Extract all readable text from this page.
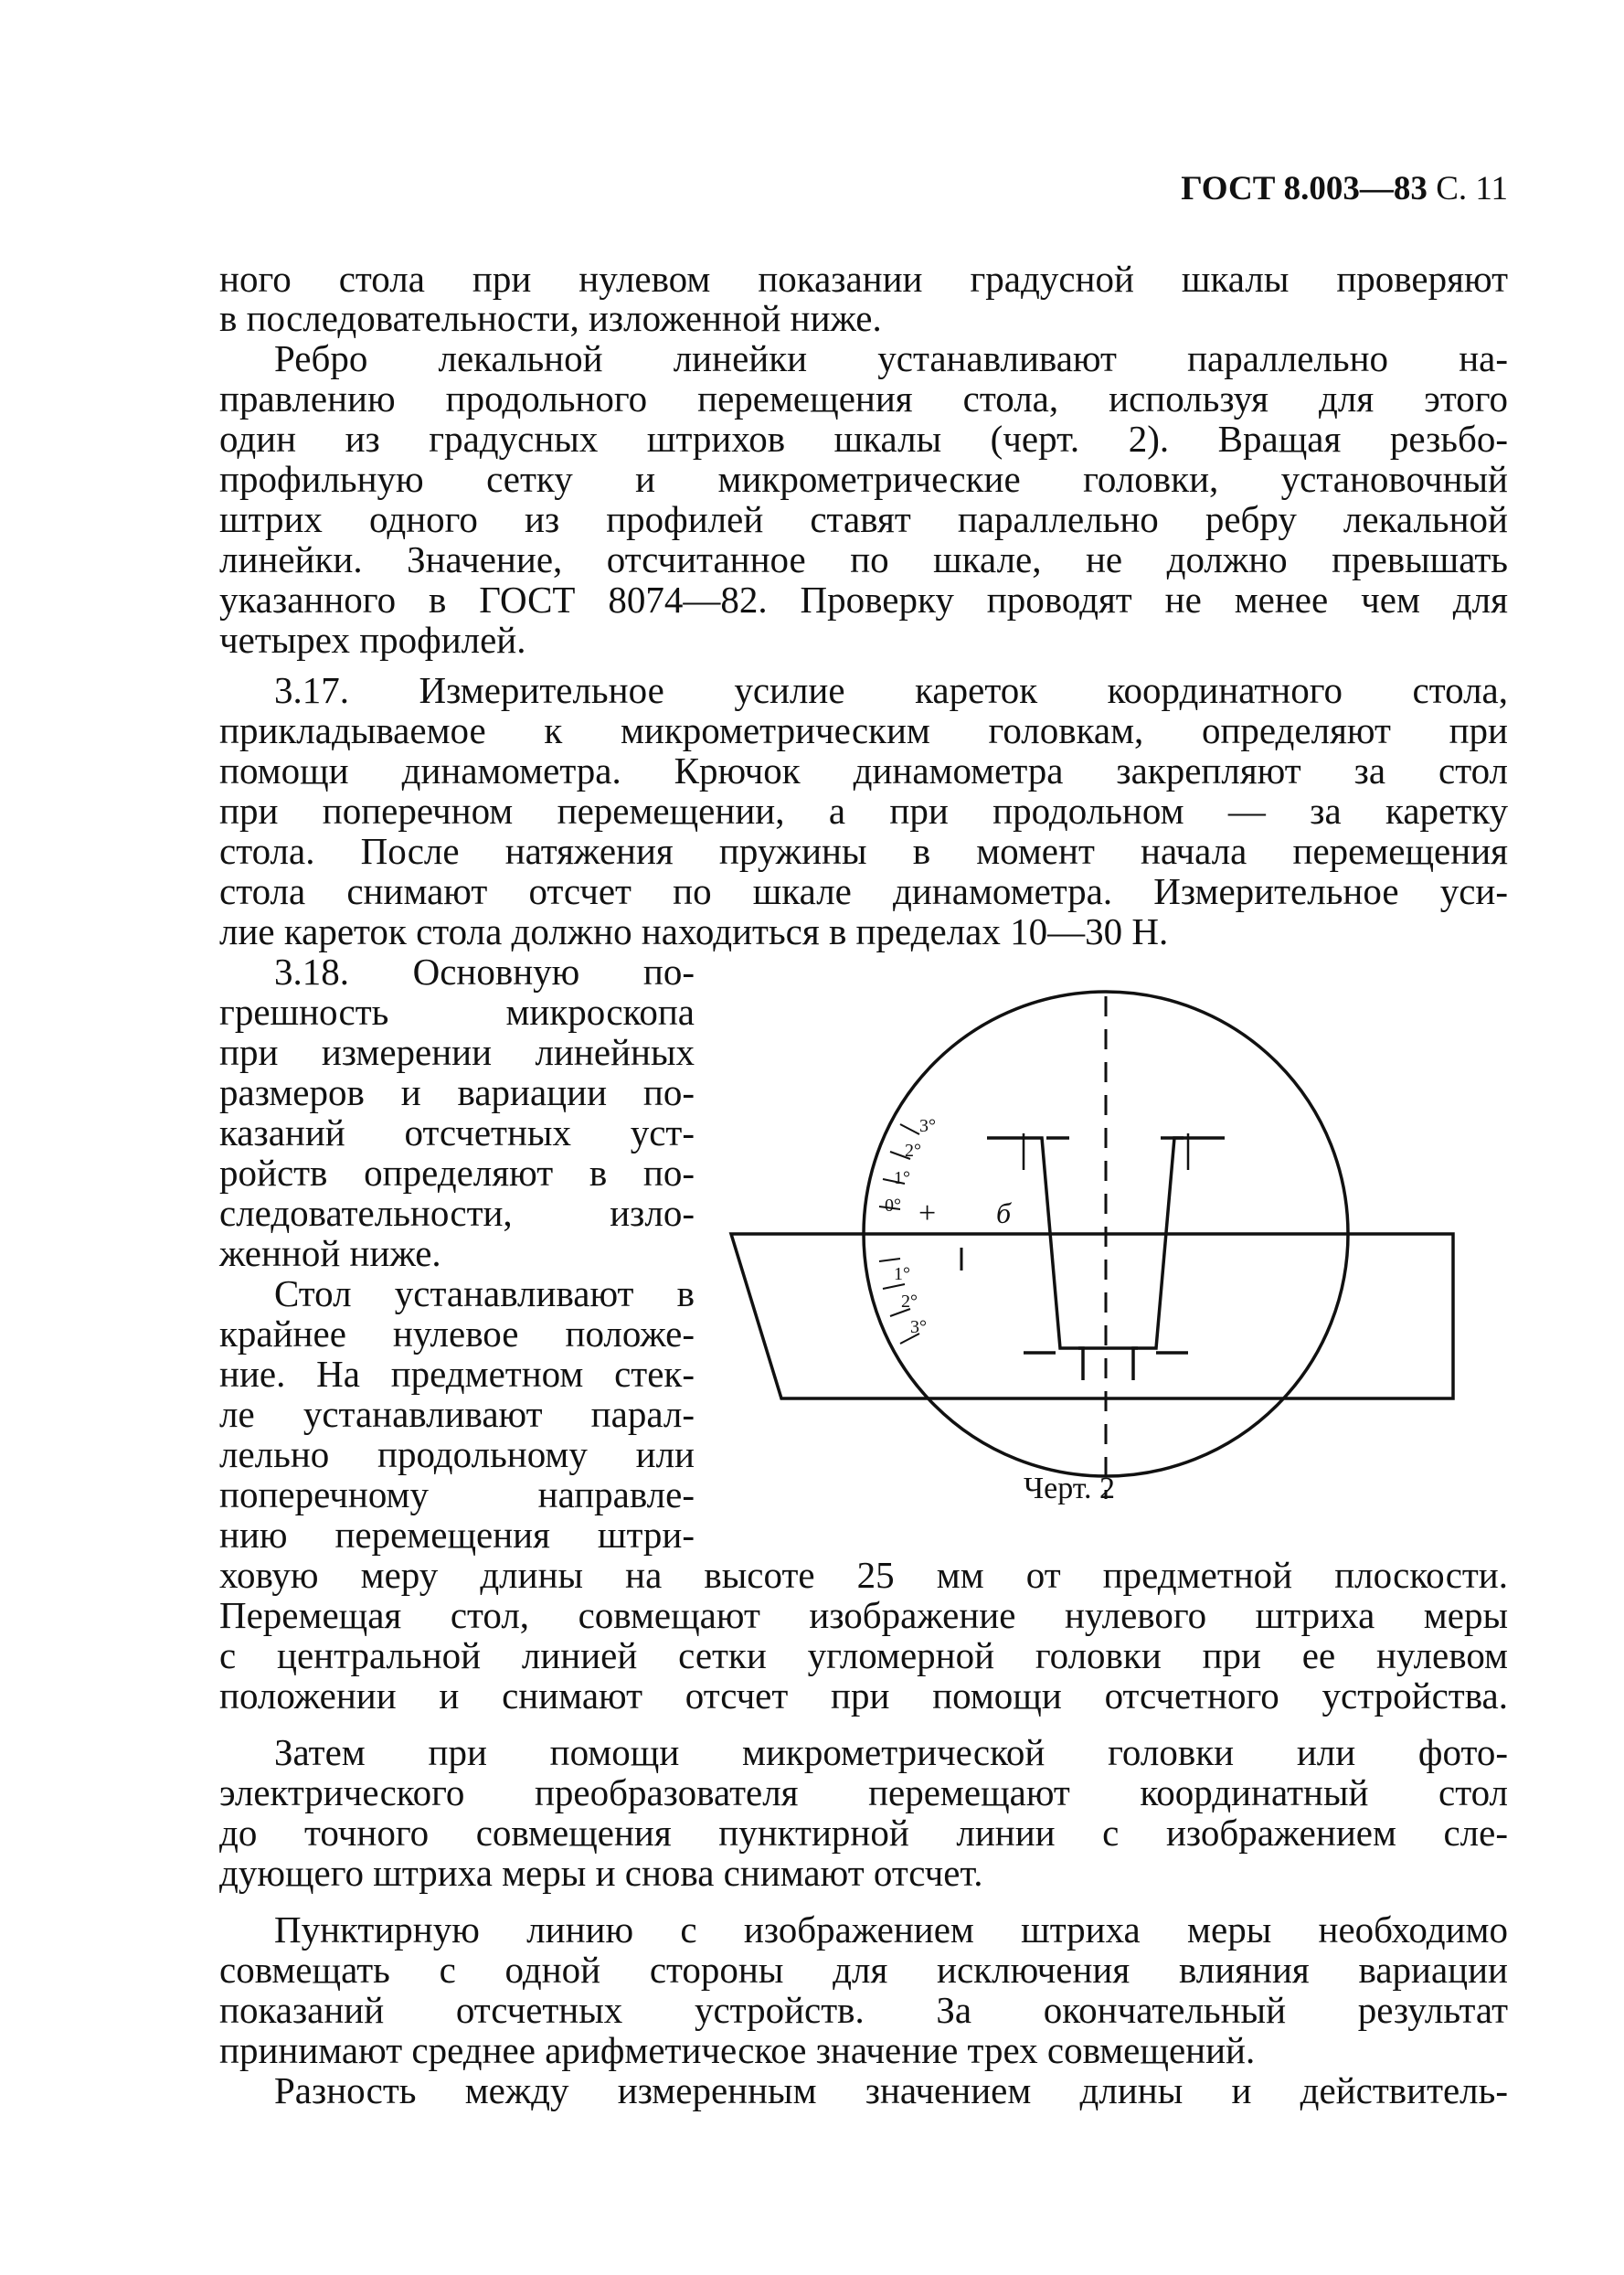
ГОСТ 8.003—83 С. 11

ного стола при нулевом показании градусной шкалы проверяют

в последовательности, изложенной ниже.

Ребро лекальной линейки устанавливают параллельно на-

правлению продольного перемещения стола, используя для этого

один из градусных штрихов шкалы (черт. 2). Вращая резьбо-

профильную сетку и микрометрические головки, установочный

штрих одного из профилей ставят параллельно ребру лекальной

линейки. Значение, отсчитанное по шкале, не должно превышать

указанного в ГОСТ 8074—82. Проверку проводят не менее чем для

четырех профилей.

3.17. Измерительное усилие кареток координатного стола,

прикладываемое к микрометрическим головкам, определяют при

помощи динамометра. Крючок динамометра закрепляют за стол

при поперечном перемещении, а при продольном — за каретку

стола. После натяжения пружины в момент начала перемещения

стола снимают отсчет по шкале динамометра. Измерительное уси-

лие кареток стола должно находиться в пределах 10—30 Н.

3.18. Основную по-

грешность микроскопа

при измерении линейных

размеров и вариации по-

казаний отсчетных уст-

ройств определяют в по-

следовательности, изло-

женной ниже.

Стол устанавливают в

крайнее нулевое положе-

ние. На предметном стек-

ле устанавливают парал-

лельно продольному или

поперечному направле-

нию перемещения штри-

ховую меру длины на высоте 25 мм от предметной плоскости.

Перемещая стол, совмещают изображение нулевого штриха меры

с центральной линией сетки угломерной головки при ее нулевом

положении и снимают отсчет при помощи отсчетного устройства.

Затем при помощи микрометрической головки или фото-

электрического преобразователя перемещают координатный стол

до точного совмещения пунктирной линии с изображением сле-

дующего штриха меры и снова снимают отсчет.

Пунктирную линию с изображением штриха меры необходимо

совмещать с одной стороны для исключения влияния вариации

показаний отсчетных устройств. За окончательный результат

принимают среднее арифметическое значение трех совмещений.

Разность между измеренным значением длины и действитель-

+ б
0°
1°
2°
3°
1°
2°
3°
Черт. 2
